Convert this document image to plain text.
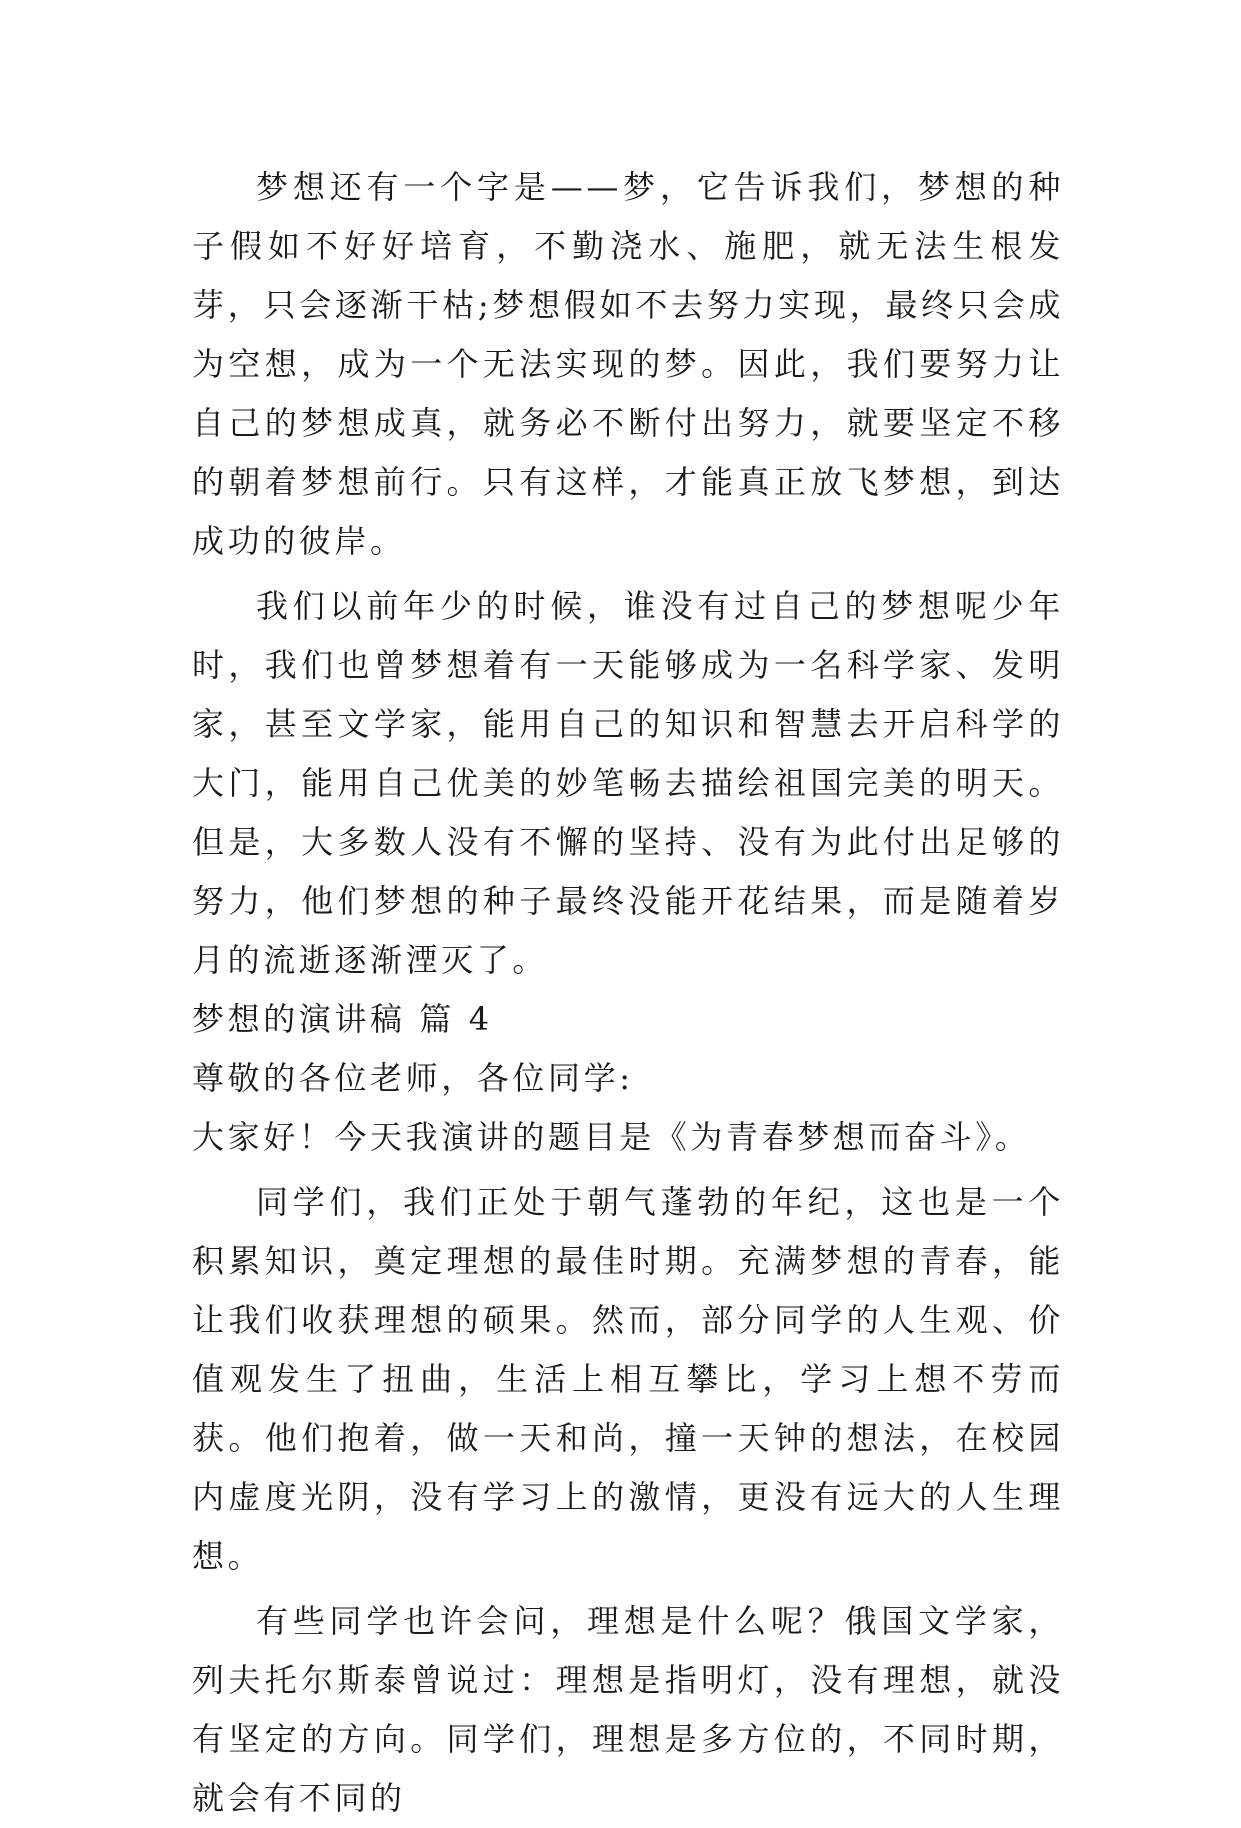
梦想还有一个字是——梦，它告诉我们，梦想的种子假如不好好培育，不勤浇水、施肥，就无法生根发芽，只会逐渐干枯;梦想假如不去努力实现，最终只会成为空想，成为一个无法实现的梦。因此，我们要努力让自己的梦想成真，就务必不断付出努力，就要坚定不移的朝着梦想前行。只有这样，才能真正放飞梦想，到达成功的彼岸。

我们以前年少的时候，谁没有过自己的梦想呢少年时，我们也曾梦想着有一天能够成为一名科学家、发明家，甚至文学家，能用自己的知识和智慧去开启科学的大门，能用自己优美的妙笔畅去描绘祖国完美的明天。但是，大多数人没有不懈的坚持、没有为此付出足够的努力，他们梦想的种子最终没能开花结果，而是随着岁月的流逝逐渐湮灭了。

梦想的演讲稿 篇 4

尊敬的各位老师，各位同学:

大家好！今天我演讲的题目是《为青春梦想而奋斗》。

同学们，我们正处于朝气蓬勃的年纪，这也是一个积累知识，奠定理想的最佳时期。充满梦想的青春，能让我们收获理想的硕果。然而，部分同学的人生观、价值观发生了扭曲，生活上相互攀比，学习上想不劳而获。他们抱着，做一天和尚，撞一天钟的想法，在校园内虚度光阴，没有学习上的激情，更没有远大的人生理想。

有些同学也许会问，理想是什么呢？俄国文学家，列夫托尔斯泰曾说过：理想是指明灯，没有理想，就没有坚定的方向。同学们，理想是多方位的，不同时期，就会有不同的
